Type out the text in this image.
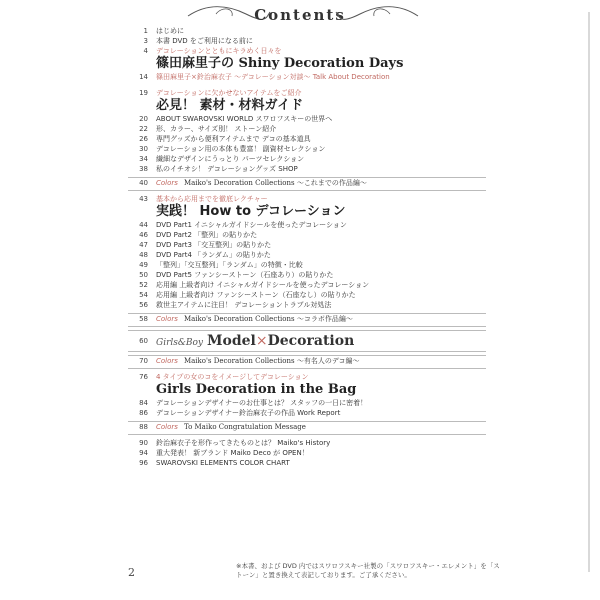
Contents
1 はじめに
3 本書 DVD をご利用になる前に
4 デコレーションとともにキラめく日々を
篠田麻里子の Shiny Decoration Days
14 篠田麻里子×鈴治麻衣子 〜デコレーション対談〜 Talk About Decoration
19 デコレーションに欠かせないアイテムをご紹介
必見！ 素材・材料ガイド
20 ABOUT SWAROVSKI WORLD スワロフスキーの世界へ
22 形、カラー、サイズ別！ ストーン紹介
26 専門グッズから便利アイテムまで デコの基本道具
30 デコレーション用の本体も豊富！ 副資材セレクション
34 繊細なデザインにうっとり パーツセレクション
38 私のイチオシ！ デコレーショングッズ SHOP
40 Colors Maiko's Decoration Collections 〜これまでの作品編〜
43 基本から応用までを徹底レクチャー
実践！ How to デコレーション
44 DVD Part1 イニシャルガイドシールを使ったデコレーション
46 DVD Part2 「整列」の貼りかた
47 DVD Part3 「交互整列」の貼りかた
48 DVD Part4 「ランダム」の貼りかた
49 「整列」「交互整列」「ランダム」の特徴・比較
50 DVD Part5 ファンシーストーン（石座あり）の貼りかた
52 応用編 上級者向け イニシャルガイドシールを使ったデコレーション
54 応用編 上級者向け ファンシーストーン（石座なし）の貼りかた
56 救世主アイテムに注目！ デコレーショントラブル対処法
58 Colors Maiko's Decoration Collections 〜コラボ作品編〜
60 Girls&Boy Model×Decoration
70 Colors Maiko's Decoration Collections 〜有名人のデコ編〜
76 4 タイプの女のコをイメージしてデコレーション
Girls Decoration in the Bag
84 デコレーションデザイナーのお仕事とは？ スタッフの一日に密着！
86 デコレーションデザイナー鈴治麻衣子の作品 Work Report
88 Colors To Maiko Congratulation Message
90 鈴治麻衣子を形作ってきたものとは？ Maiko's History
94 重大発表！ 新ブランド Maiko Deco が OPEN！
96 SWAROVSKI ELEMENTS COLOR CHART
※本書、および DVD 内ではスワロフスキー社製の「スワロフスキー・エレメント」を「ストーン」と置き換えて表記しております。ご了承ください。
2
